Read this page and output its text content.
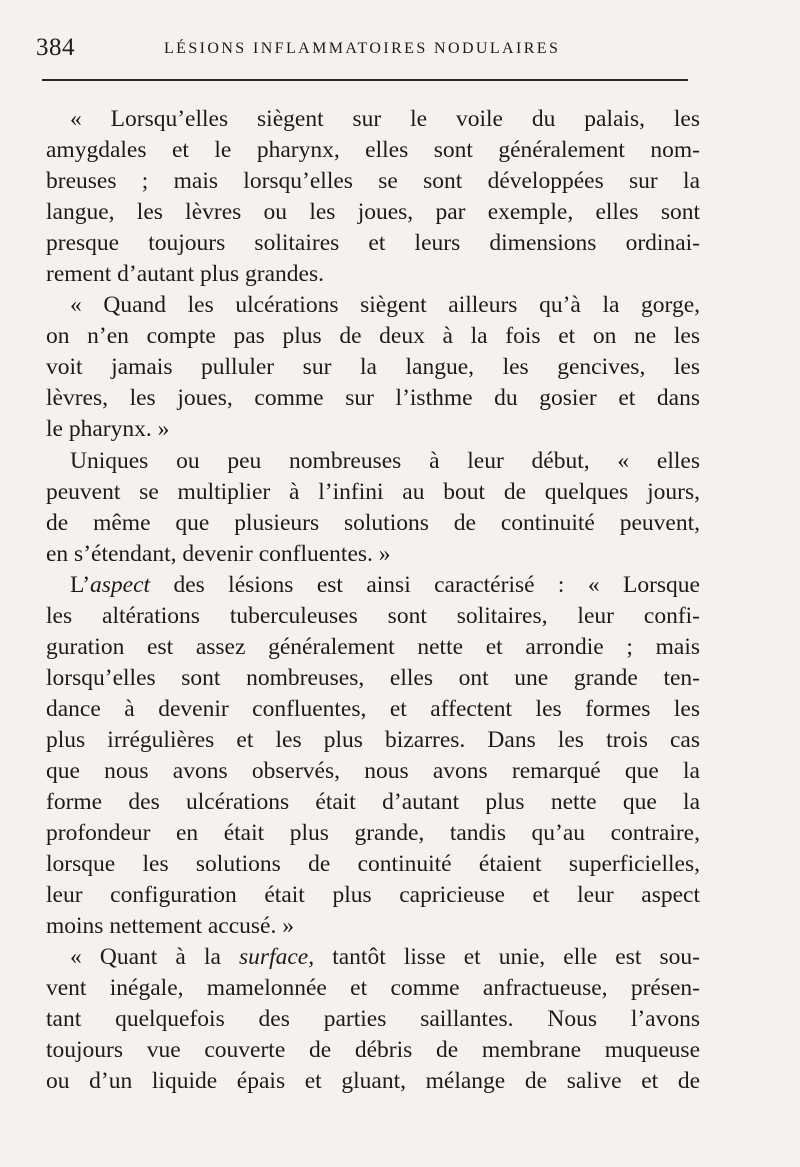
384	LÉSIONS INFLAMMATOIRES NODULAIRES
« Lorsqu’elles siègent sur le voile du palais, les
amygdales et le pharynx, elles sont généralement nom-
breuses ; mais lorsqu’elles se sont développées sur la
langue, les lèvres ou les joues, par exemple, elles sont
presque toujours solitaires et leurs dimensions ordinai-
rement d’autant plus grandes.
« Quand les ulcérations siègent ailleurs qu’à la gorge,
on n’en compte pas plus de deux à la fois et on ne les
voit jamais pulluler sur la langue, les gencives, les
lèvres, les joues, comme sur l’isthme du gosier et dans
le pharynx. »
Uniques ou peu nombreuses à leur début, « elles
peuvent se multiplier à l’infini au bout de quelques jours,
de même que plusieurs solutions de continuité peuvent,
en s’étendant, devenir confluentes. »
L’aspect des lésions est ainsi caractérisé : « Lorsque
les altérations tuberculeuses sont solitaires, leur confi-
guration est assez généralement nette et arrondie ; mais
lorsqu’elles sont nombreuses, elles ont une grande ten-
dance à devenir confluentes, et affectent les formes les
plus irrégulières et les plus bizarres. Dans les trois cas
que nous avons observés, nous avons remarqué que la
forme des ulcérations était d’autant plus nette que la
profondeur en était plus grande, tandis qu’au contraire,
lorsque les solutions de continuité étaient superficielles,
leur configuration était plus capricieuse et leur aspect
moins nettement accusé. »
« Quant à la surface, tantôt lisse et unie, elle est sou-
vent inégale, mamelonnée et comme anfractueuse, présen-
tant quelquefois des parties saillantes. Nous l’avons
toujours vue couverte de débris de membrane muqueuse
ou d’un liquide épais et gluant, mélange de salive et de
